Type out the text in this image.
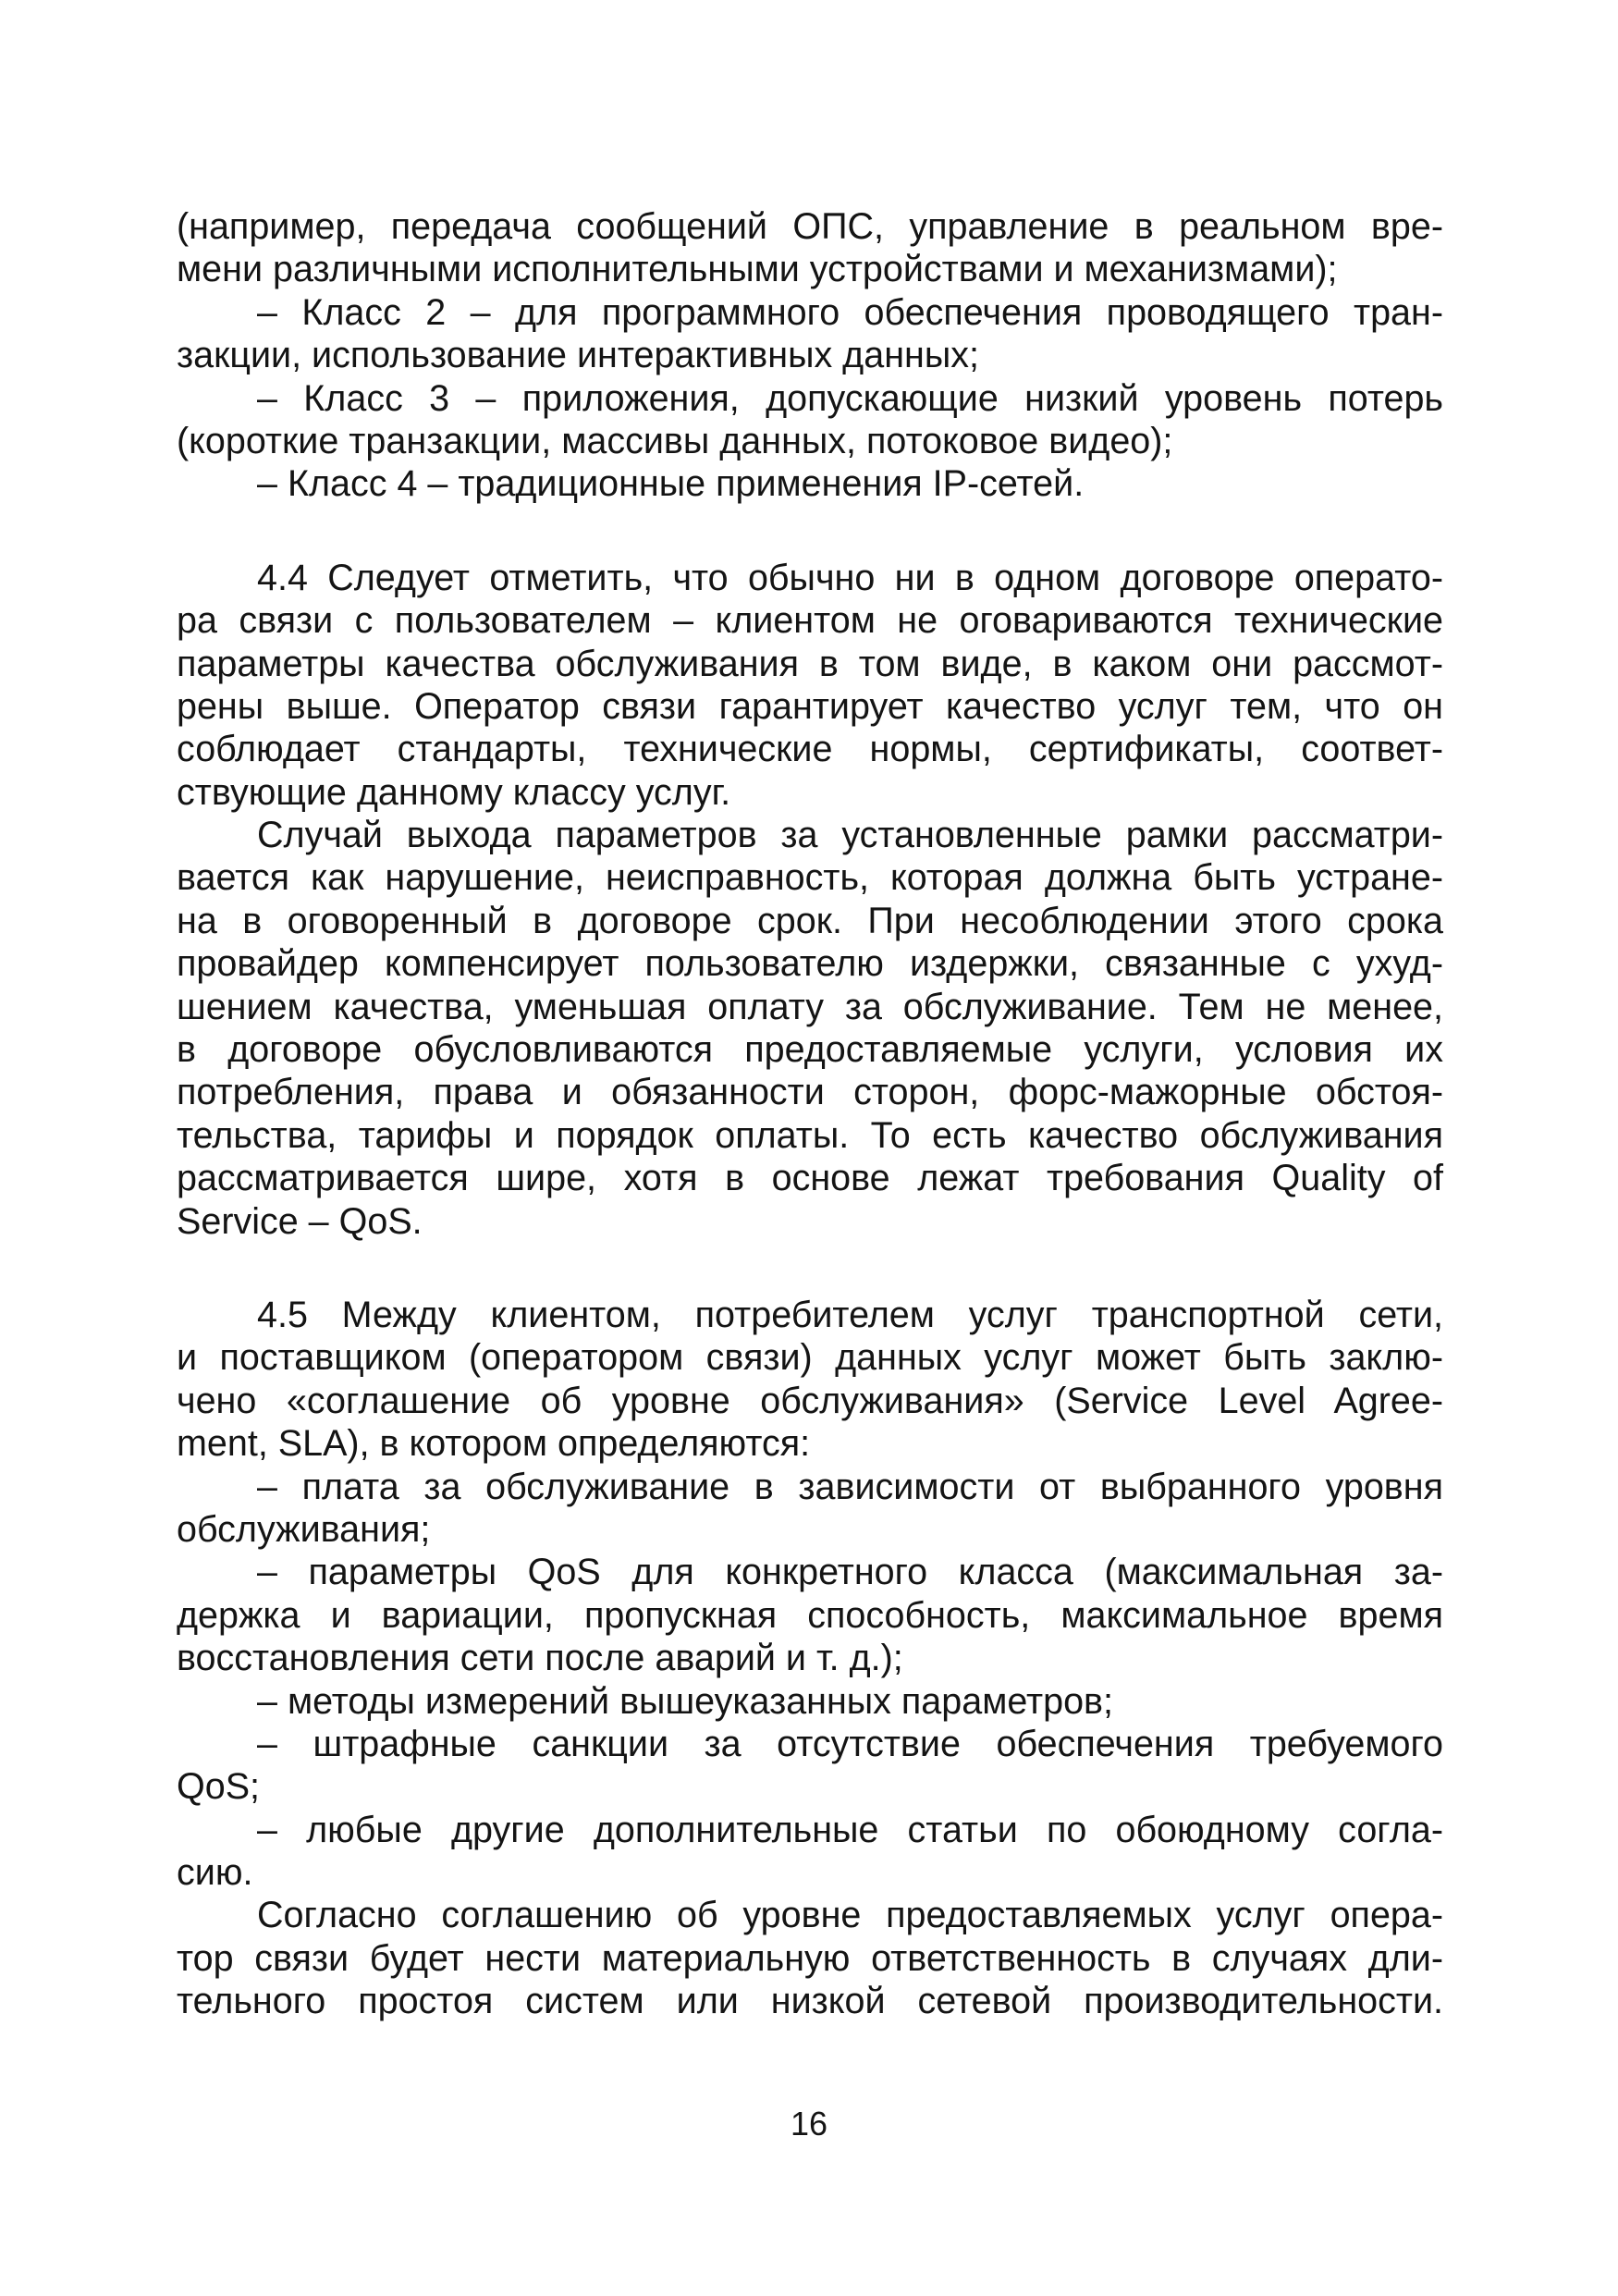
(например, передача сообщений ОПС, управление в реальном вре-
мени различными исполнительными устройствами и механизмами);
– Класс 2 – для программного обеспечения проводящего тран-
закции, использование интерактивных данных;
– Класс 3 – приложения, допускающие низкий уровень потерь
(короткие транзакции, массивы данных, потоковое видео);
– Класс 4 – традиционные применения IP-сетей.
4.4 Следует отметить, что обычно ни в одном договоре операто-
ра связи с пользователем – клиентом не оговариваются технические
параметры качества обслуживания в том виде, в каком они рассмот-
рены выше. Оператор связи гарантирует качество услуг тем, что он
соблюдает стандарты, технические нормы, сертификаты, соответ-
ствующие данному классу услуг.
Случай выхода параметров за установленные рамки рассматри-
вается как нарушение, неисправность, которая должна быть устране-
на в оговоренный в договоре срок. При несоблюдении этого срока
провайдер компенсирует пользователю издержки, связанные с ухуд-
шением качества, уменьшая оплату за обслуживание. Тем не менее,
в договоре обусловливаются предоставляемые услуги, условия их
потребления, права и обязанности сторон, форс-мажорные обстоя-
тельства, тарифы и порядок оплаты. То есть качество обслуживания
рассматривается шире, хотя в основе лежат требования Quality of
Service – QoS.
4.5 Между клиентом, потребителем услуг транспортной сети,
и поставщиком (оператором связи) данных услуг может быть заклю-
чено «соглашение об уровне обслуживания» (Service Level Agree-
ment, SLA), в котором определяются:
– плата за обслуживание в зависимости от выбранного уровня
обслуживания;
– параметры QoS для конкретного класса (максимальная за-
держка и вариации, пропускная способность, максимальное время
восстановления сети после аварий и т. д.);
– методы измерений вышеуказанных параметров;
– штрафные санкции за отсутствие обеспечения требуемого
QoS;
– любые другие дополнительные статьи по обоюдному согла-
сию.
Согласно соглашению об уровне предоставляемых услуг опера-
тор связи будет нести материальную ответственность в случаях дли-
тельного простоя систем или низкой сетевой производительности.
16
